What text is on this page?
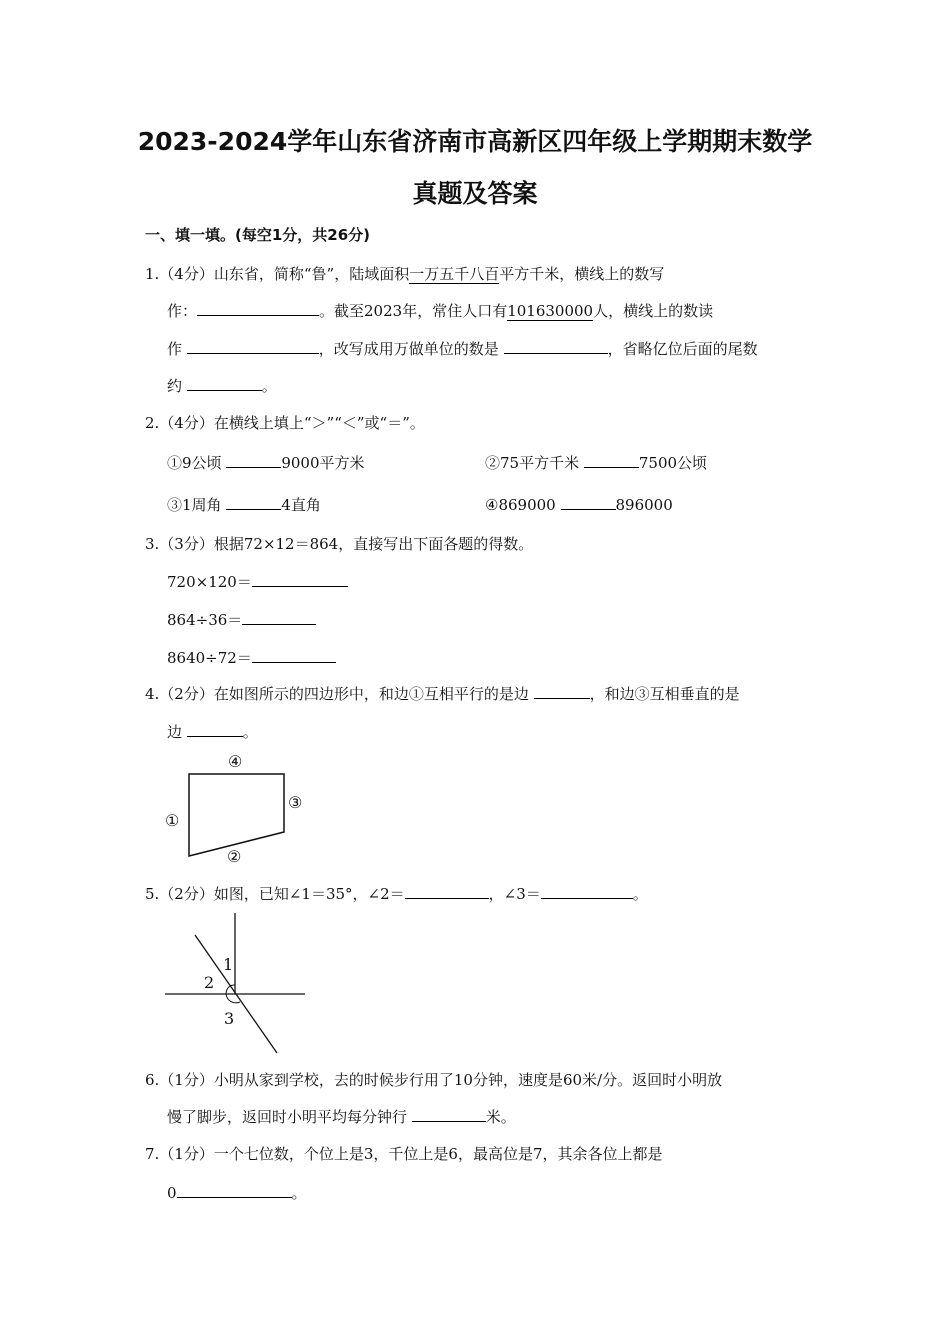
2023-2024学年山东省济南市高新区四年级上学期期末数学
真题及答案
一、填一填。(每空1分，共26分)
1.（4分）山东省，简称“鲁”，陆域面积一万五千八百平方千米，横线上的数写
作：	。截至2023年，常住人口有101630000人，横线上的数读
作	，改写成用万做单位的数是	，省略亿位后面的尾数
约	。
2.（4分）在横线上填上“＞”“＜”或“＝”。
①9公顷	9000平方米	②75平方千米	7500公顷
③1周角	4直角	④869000	896000
3.（3分）根据72×12＝864，直接写出下面各题的得数。
720×120＝
864÷36＝
8640÷72＝
4.（2分）在如图所示的四边形中，和边①互相平行的是边	，和边③互相垂直的是
边	。
④
③
①
②
5.（2分）如图，已知∠1＝35°，∠2＝	，∠3＝	。
1
2
3
6.（1分）小明从家到学校，去的时候步行用了10分钟，速度是60米/分。返回时小明放
慢了脚步，返回时小明平均每分钟行	米。
7.（1分）一个七位数，个位上是3，千位上是6，最高位是7，其余各位上都是
0	。
